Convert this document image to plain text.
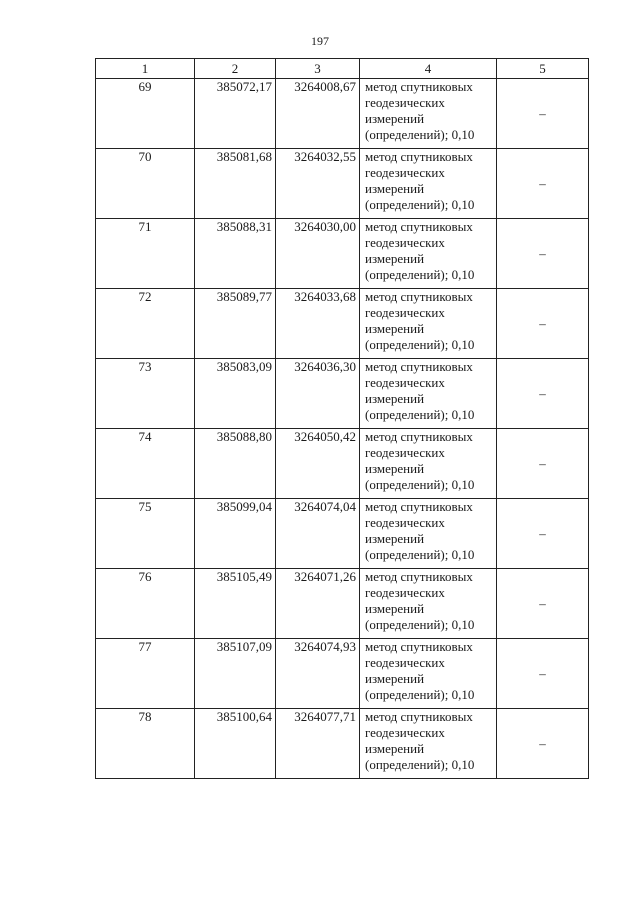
197
1	2	3	4	5
69	385072,17	3264008,67	метод спутниковых
геодезических
измерений
(определений); 0,10	–
70	385081,68	3264032,55	метод спутниковых
геодезических
измерений
(определений); 0,10	–
71	385088,31	3264030,00	метод спутниковых
геодезических
измерений
(определений); 0,10	–
72	385089,77	3264033,68	метод спутниковых
геодезических
измерений
(определений); 0,10	–
73	385083,09	3264036,30	метод спутниковых
геодезических
измерений
(определений); 0,10	–
74	385088,80	3264050,42	метод спутниковых
геодезических
измерений
(определений); 0,10	–
75	385099,04	3264074,04	метод спутниковых
геодезических
измерений
(определений); 0,10	–
76	385105,49	3264071,26	метод спутниковых
геодезических
измерений
(определений); 0,10	–
77	385107,09	3264074,93	метод спутниковых
геодезических
измерений
(определений); 0,10	–
78	385100,64	3264077,71	метод спутниковых
геодезических
измерений
(определений); 0,10	–
